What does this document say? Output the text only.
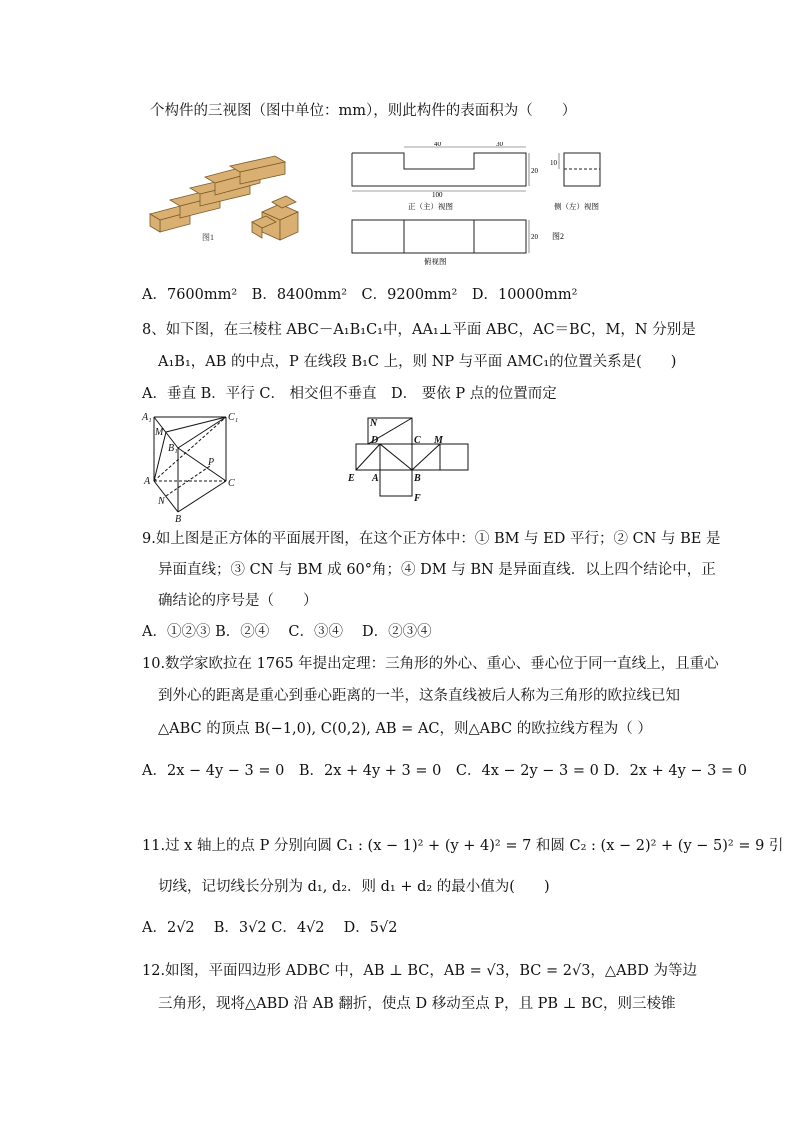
个构件的三视图（图中单位：mm），则此构件的表面积为（　　）
图1
40	30
20
100
正（主）视图
10
侧（左）视图
20
俯视图
图2
A．7600mm²　B．8400mm²　C．9200mm²　D．10000mm²
8、如下图，在三棱柱 ABC－A₁B₁C₁中，AA₁⊥平面 ABC，AC＝BC，M，N 分别是
A₁B₁，AB 的中点，P 在线段 B₁C 上，则 NP 与平面 AMC₁的位置关系是(　　)
A．垂直 B．平行 C． 相交但不垂直　D． 要依 P 点的位置而定
A₁	C₁
M
B₁
P
A	C
N
B
N
D	C M
E A	B
F
9.如上图是正方体的平面展开图，在这个正方体中：① BM 与 ED 平行；② CN 与 BE 是
异面直线；③ CN 与 BM 成 60°角；④ DM 与 BN 是异面直线．以上四个结论中，正
确结论的序号是（　　）
A．①②③ B．②④　 C．③④　 D．②③④
10.数学家欧拉在 1765 年提出定理：三角形的外心、重心、垂心位于同一直线上，且重心
到外心的距离是重心到垂心距离的一半，这条直线被后人称为三角形的欧拉线已知
△ABC 的顶点 B(−1,0), C(0,2), AB = AC，则△ABC 的欧拉线方程为（ ）
A．2x − 4y − 3 = 0　B．2x + 4y + 3 = 0　C．4x − 2y − 3 = 0 D．2x + 4y − 3 = 0
11.过 x 轴上的点 P 分别向圆 C₁ : (x − 1)² + (y + 4)² = 7 和圆 C₂ : (x − 2)² + (y − 5)² = 9 引
切线，记切线长分别为 d₁, d₂．则 d₁ + d₂ 的最小值为(　　)
A．2√2　 B．3√2 C．4√2　 D．5√2
12.如图，平面四边形 ADBC 中，AB ⊥ BC，AB = √3，BC = 2√3，△ABD 为等边
三角形，现将△ABD 沿 AB 翻折，使点 D 移动至点 P，且 PB ⊥ BC，则三棱锥
